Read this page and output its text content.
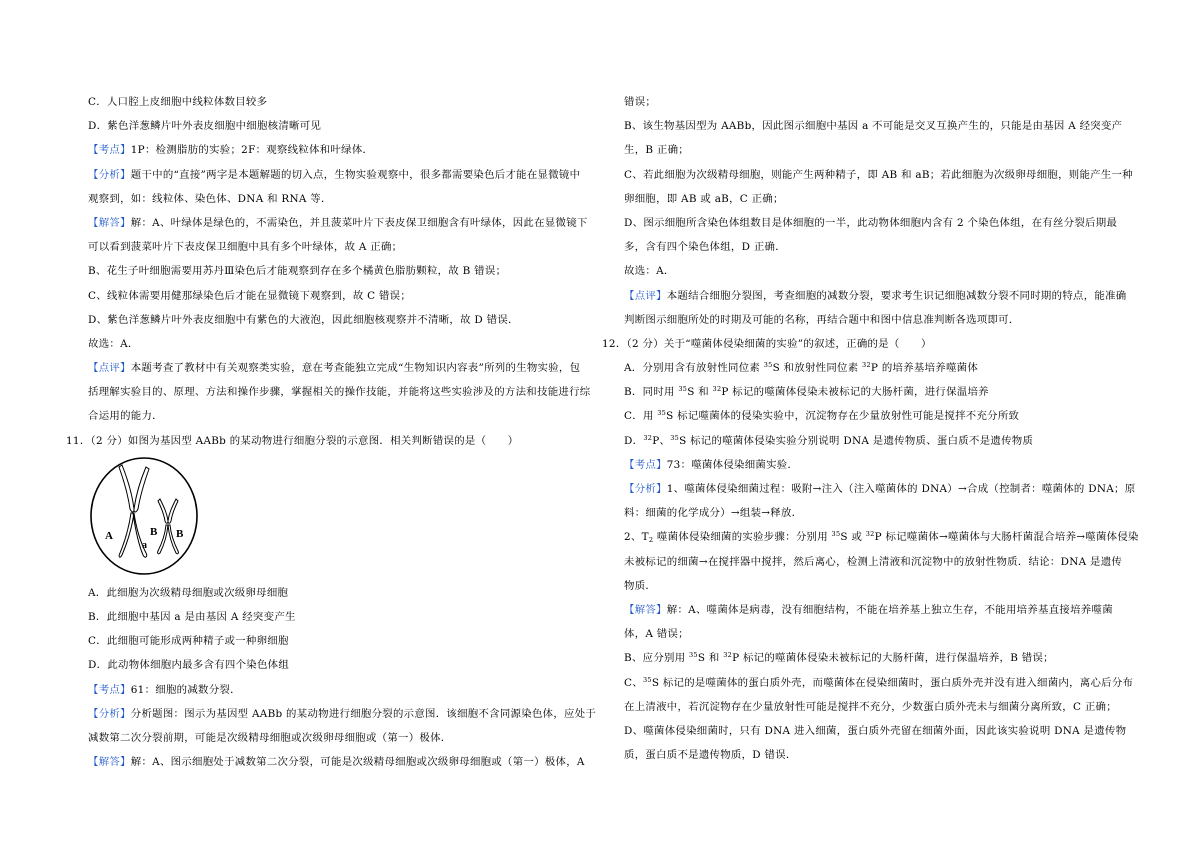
C．人口腔上皮细胞中线粒体数目较多
D．紫色洋葱鳞片叶外表皮细胞中细胞核清晰可见
【考点】1P：检测脂肪的实验；2F：观察线粒体和叶绿体．
【分析】题干中的“直接”两字是本题解题的切入点，生物实验观察中，很多都需要染色后才能在显微镜中
观察到，如：线粒体、染色体、DNA 和 RNA 等．
【解答】解：A、叶绿体是绿色的，不需染色，并且菠菜叶片下表皮保卫细胞含有叶绿体，因此在显微镜下
可以看到菠菜叶片下表皮保卫细胞中具有多个叶绿体，故 A 正确；
B、花生子叶细胞需要用苏丹Ⅲ染色后才能观察到存在多个橘黄色脂肪颗粒，故 B 错误；
C、线粒体需要用健那绿染色后才能在显微镜下观察到，故 C 错误；
D、紫色洋葱鳞片叶外表皮细胞中有紫色的大液泡，因此细胞核观察并不清晰，故 D 错误．
故选：A．
【点评】本题考查了教材中有关观察类实验，意在考查能独立完成“生物知识内容表”所列的生物实验，包
括理解实验目的、原理、方法和操作步骤，掌握相关的操作技能，并能将这些实验涉及的方法和技能进行综
合运用的能力．
11．（2 分）如图为基因型 AABb 的某动物进行细胞分裂的示意图．相关判断错误的是（　　）
A
a
B B
A．此细胞为次级精母细胞或次级卵母细胞
B．此细胞中基因 a 是由基因 A 经突变产生
C．此细胞可能形成两种精子或一种卵细胞
D．此动物体细胞内最多含有四个染色体组
【考点】61：细胞的减数分裂．
【分析】分析题图：图示为基因型 AABb 的某动物进行细胞分裂的示意图．该细胞不含同源染色体，应处于
减数第二次分裂前期，可能是次级精母细胞或次级卵母细胞或（第一）极体．
【解答】解：A、图示细胞处于减数第二次分裂，可能是次级精母细胞或次级卵母细胞或（第一）极体，A
错误；
B、该生物基因型为 AABb，因此图示细胞中基因 a 不可能是交叉互换产生的，只能是由基因 A 经突变产
生，B 正确；
C、若此细胞为次级精母细胞，则能产生两种精子，即 AB 和 aB；若此细胞为次级卵母细胞，则能产生一种
卵细胞，即 AB 或 aB，C 正确；
D、图示细胞所含染色体组数目是体细胞的一半，此动物体细胞内含有 2 个染色体组，在有丝分裂后期最
多，含有四个染色体组，D 正确．
故选：A．
【点评】本题结合细胞分裂图，考查细胞的减数分裂，要求考生识记细胞减数分裂不同时期的特点，能准确
判断图示细胞所处的时期及可能的名称，再结合题中和图中信息准判断各选项即可．
12．（2 分）关于“噬菌体侵染细菌的实验”的叙述，正确的是（　　）
A．分别用含有放射性同位素 $^{35}$S 和放射性同位素 $^{32}$P 的培养基培养噬菌体
B．同时用 $^{35}$S 和 $^{32}$P 标记的噬菌体侵染未被标记的大肠杆菌，进行保温培养
C．用 $^{35}$S 标记噬菌体的侵染实验中，沉淀物存在少量放射性可能是搅拌不充分所致
D．$^{32}$P、$^{35}$S 标记的噬菌体侵染实验分别说明 DNA 是遗传物质、蛋白质不是遗传物质
【考点】73：噬菌体侵染细菌实验．
【分析】1、噬菌体侵染细菌过程：吸附→注入（注入噬菌体的 DNA）→合成（控制者：噬菌体的 DNA；原
料：细菌的化学成分）→组装→释放．
2、$T_2$ 噬菌体侵染细菌的实验步骤：分别用 $^{35}$S 或 $^{32}$P 标记噬菌体→噬菌体与大肠杆菌混合培养→噬菌体侵染
未被标记的细菌→在搅拌器中搅拌，然后离心，检测上清液和沉淀物中的放射性物质．结论：DNA 是遗传
物质．
【解答】解：A、噬菌体是病毒，没有细胞结构，不能在培养基上独立生存，不能用培养基直接培养噬菌
体，A 错误；
B、应分别用 $^{35}$S 和 $^{32}$P 标记的噬菌体侵染未被标记的大肠杆菌，进行保温培养，B 错误；
C、$^{35}$S 标记的是噬菌体的蛋白质外壳，而噬菌体在侵染细菌时，蛋白质外壳并没有进入细菌内，离心后分布
在上清液中，若沉淀物存在少量放射性可能是搅拌不充分，少数蛋白质外壳未与细菌分离所致，C 正确；
D、噬菌体侵染细菌时，只有 DNA 进入细菌，蛋白质外壳留在细菌外面，因此该实验说明 DNA 是遗传物
质，蛋白质不是遗传物质，D 错误．
